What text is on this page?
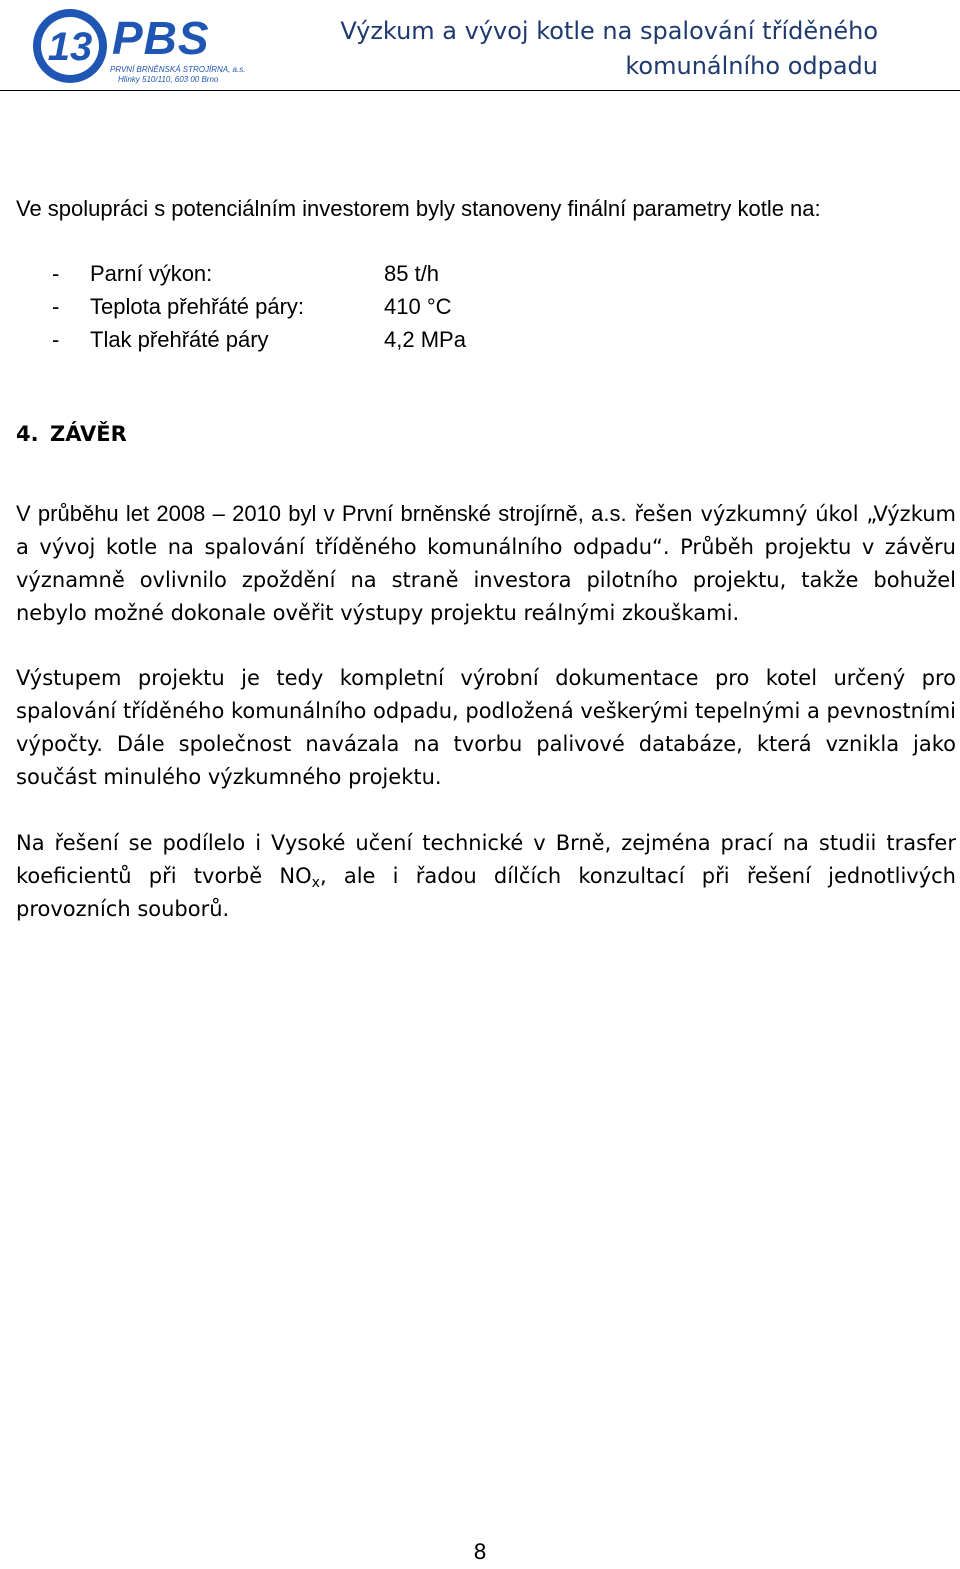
13 PBS
PRVNÍ BRNĚNSKÁ STROJÍRNA, a.s.
Hlinky 510/110, 603 00 Brno
Výzkum a vývoj kotle na spalování tříděného
komunálního odpadu
Ve spolupráci s potenciálním investorem byly stanoveny finální parametry kotle na:
-	Parní výkon:	85 t/h
-	Teplota přehřáté páry:	410 °C
-	Tlak přehřáté páry	4,2 MPa
4. ZÁVĚR
V průběhu let 2008 – 2010 byl v První brněnské strojírně, a.s. řešen výzkumný úkol „Výzkum a vývoj kotle na spalování tříděného komunálního odpadu“. Průběh projektu v závěru významně ovlivnilo zpoždění na straně investora pilotního projektu, takže bohužel nebylo možné dokonale ověřit výstupy projektu reálnými zkouškami.
Výstupem projektu je tedy kompletní výrobní dokumentace pro kotel určený pro spalování tříděného komunálního odpadu, podložená veškerými tepelnými a pevnostními výpočty. Dále společnost navázala na tvorbu palivové databáze, která vznikla jako součást minulého výzkumného projektu.
Na řešení se podílelo i Vysoké učení technické v Brně, zejména prací na studii trasfer koeficientů při tvorbě $NO_x$, ale i řadou dílčích konzultací při řešení jednotlivých provozních souborů.
8
